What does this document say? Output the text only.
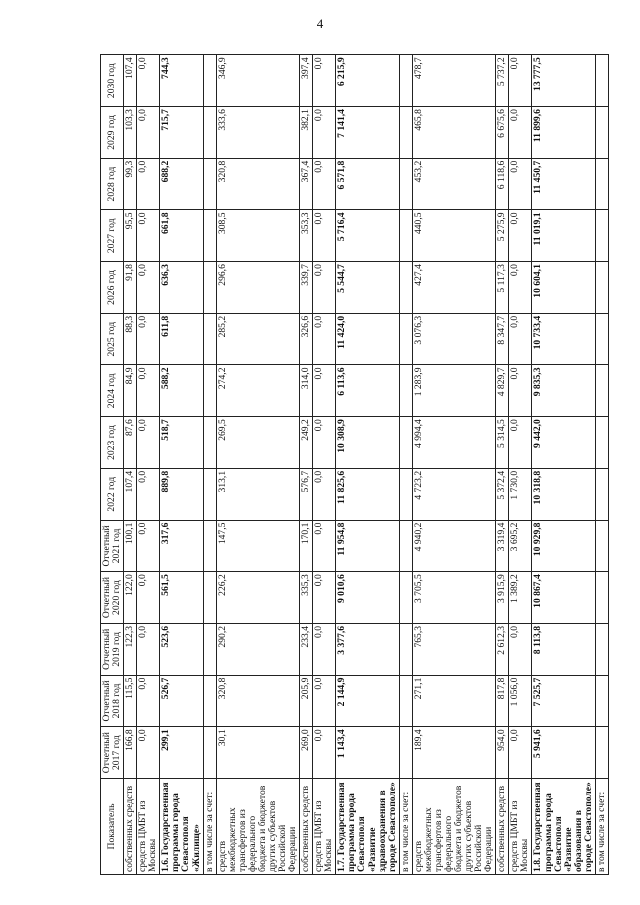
4
Показатель	Отчетный 2017 год	Отчетный 2018 год	Отчетный 2019 год	Отчетный 2020 год	Отчетный 2021 год	2022 год	2023 год	2024 год	2025 год	2026 год	2027 год	2028 год	2029 год	2030 год
собственных средств	166,8	115,5	122,3	122,0	100,1	107,4	87,6	84,9	88,3	91,8	95,5	99,3	103,3	107,4
средств ЦМБТ из Москвы	0,0	0,0	0,0	0,0	0,0	0,0	0,0	0,0	0,0	0,0	0,0	0,0	0,0	0,0
1.6. Государственная программа города Севастополя «Жилище»	299,1	526,7	523,6	561,5	317,6	889,8	518,7	588,2	611,8	636,3	661,8	688,2	715,7	744,3
в том числе за счет:														
средств межбюджетных трансфертов из федерального бюджета и бюджетов других субъектов Российской Федерации	30,1	320,8	290,2	226,2	147,5	313,1	269,5	274,2	285,2	296,6	308,5	320,8	333,6	346,9
собственных средств	269,0	205,9	233,4	335,3	170,1	576,7	249,2	314,0	326,6	339,7	353,3	367,4	382,1	397,4
средств ЦМБТ из Москвы	0,0	0,0	0,0	0,0	0,0	0,0	0,0	0,0	0,0	0,0	0,0	0,0	0,0	0,0
1.7. Государственная программа города Севастополя «Развитие здравоохранения в городе Севастополе»	1 143,4	2 144,9	3 377,6	9 010,6	11 954,8	11 825,6	10 308,9	6 113,6	11 424,0	5 544,7	5 716,4	6 571,8	7 141,4	6 215,9
в том числе за счет:														
средств межбюджетных трансфертов из федерального бюджета и бюджетов других субъектов Российской Федерации	189,4	271,1	765,3	3 705,5	4 940,2	4 723,2	4 994,4	1 283,9	3 076,3	427,4	440,5	453,2	465,8	478,7
собственных средств	954,0	817,8	2 612,3	3 915,9	3 319,4	5 372,4	5 314,5	4 829,7	8 347,7	5 117,3	5 275,9	6 118,6	6 675,6	5 737,2
средств ЦМБТ из Москвы	0,0	1 056,0	0,0	1 389,2	3 695,2	1 730,0	0,0	0,0	0,0	0,0	0,0	0,0	0,0	0,0
1.8. Государственная программа города Севастополя «Развитие образования в городе Севастополе»	5 941,6	7 525,7	8 113,8	10 867,4	10 929,8	10 318,8	9 442,0	9 835,3	10 733,4	10 604,1	11 019,1	11 450,7	11 899,6	13 777,5
в том числе за счет:														
